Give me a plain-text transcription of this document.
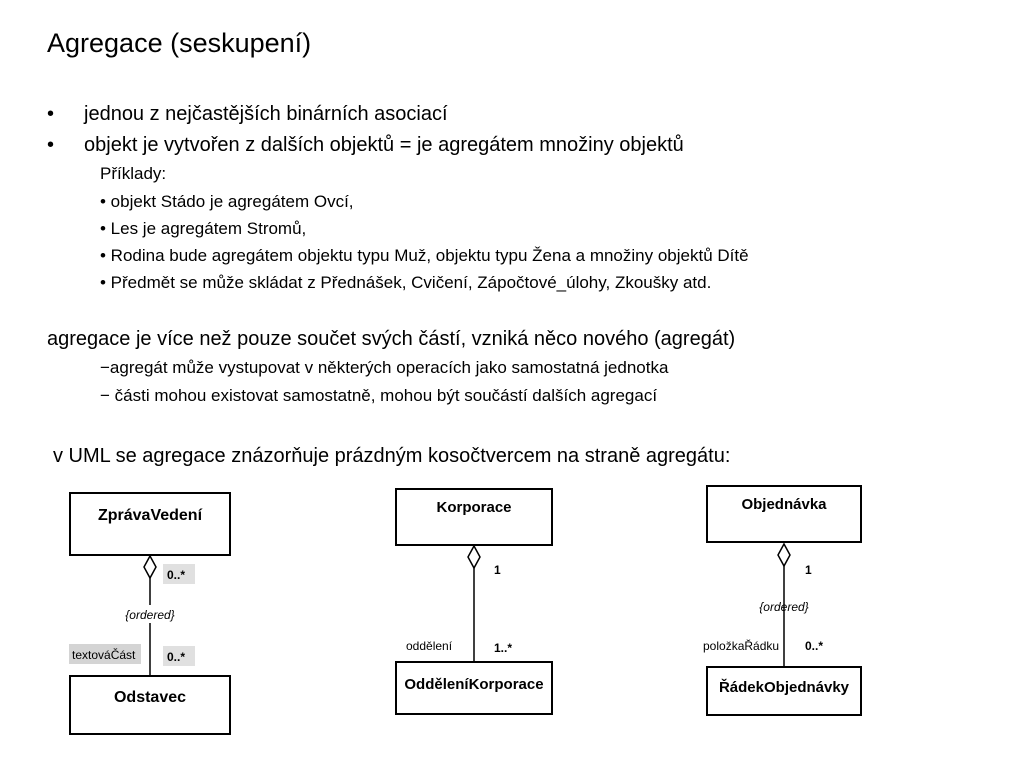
Agregace (seskupení)
• jednou z nejčastějších binárních asociací
• objekt je vytvořen z dalších objektů = je agregátem množiny objektů
Příklady:
• objekt Stádo je agregátem Ovcí,
• Les je agregátem Stromů,
• Rodina bude agregátem objektu typu Muž, objektu typu Žena a množiny objektů Dítě
• Předmět se může skládat z Přednášek, Cvičení, Zápočtové_úlohy, Zkoušky atd.
agregace je více než pouze součet svých částí, vzniká něco nového (agregát)
−agregát může vystupovat v některých operacích jako samostatná jednotka
− části mohou existovat samostatně, mohou být součástí dalších agregací
v UML se agregace znázorňuje prázdným kosočtvercem na straně agregátu:
ZprávaVedení
0..*
{ordered}
textováČást	0..*
Odstavec
Korporace
1
oddělení	1..*
OdděleníKorporace
Objednávka
1
{ordered}
položkaŘádku 0..*
ŘádekObjednávky
